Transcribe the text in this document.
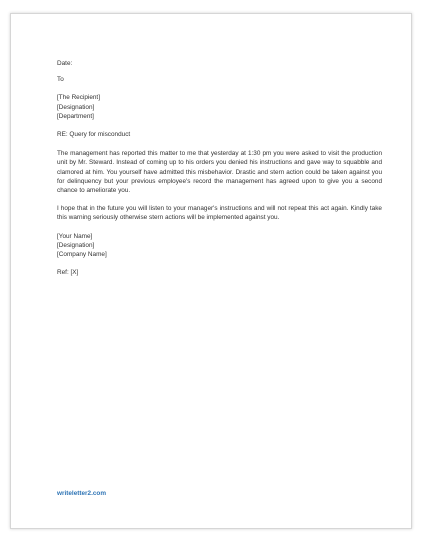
Date:
To
[The Recipient]
[Designation]
[Department]
RE: Query for misconduct
The management has reported this matter to me that yesterday at 1:30 pm you were asked to visit the production unit by Mr. Steward. Instead of coming up to his orders you denied his instructions and gave way to squabble and clamored at him. You yourself have admitted this misbehavior. Drastic and stern action could be taken against you for delinquency but your previous employee's record the management has agreed upon to give you a second chance to ameliorate you.
I hope that in the future you will listen to your manager's instructions and will not repeat this act again. Kindly take this warning seriously otherwise stern actions will be implemented against you.
[Your Name]
[Designation]
[Company Name]
Ref: [X]
writeletter2.com
